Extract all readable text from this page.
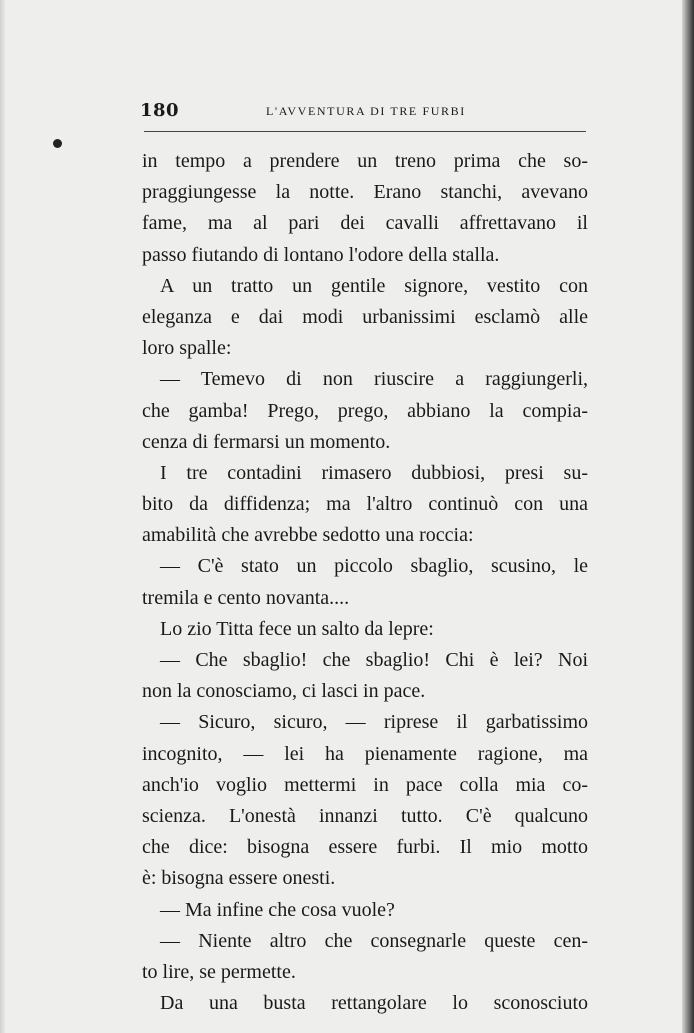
180	L'AVVENTURA DI TRE FURBI
in tempo a prendere un treno prima che so-
praggiungesse la notte. Erano stanchi, avevano
fame, ma al pari dei cavalli affrettavano il
passo fiutando di lontano l'odore della stalla.
A un tratto un gentile signore, vestito con
eleganza e dai modi urbanissimi esclamò alle
loro spalle:
— Temevo di non riuscire a raggiungerli,
che gamba! Prego, prego, abbiano la compia-
cenza di fermarsi un momento.
I tre contadini rimasero dubbiosi, presi su-
bito da diffidenza; ma l'altro continuò con una
amabilità che avrebbe sedotto una roccia:
— C'è stato un piccolo sbaglio, scusino, le
tremila e cento novanta....
Lo zio Titta fece un salto da lepre:
— Che sbaglio! che sbaglio! Chi è lei? Noi
non la conosciamo, ci lasci in pace.
— Sicuro, sicuro, — riprese il garbatissimo
incognito, — lei ha pienamente ragione, ma
anch'io voglio mettermi in pace colla mia co-
scienza. L'onestà innanzi tutto. C'è qualcuno
che dice: bisogna essere furbi. Il mio motto
è: bisogna essere onesti.
— Ma infine che cosa vuole?
— Niente altro che consegnarle queste cen-
to lire, se permette.
Da una busta rettangolare lo sconosciuto
